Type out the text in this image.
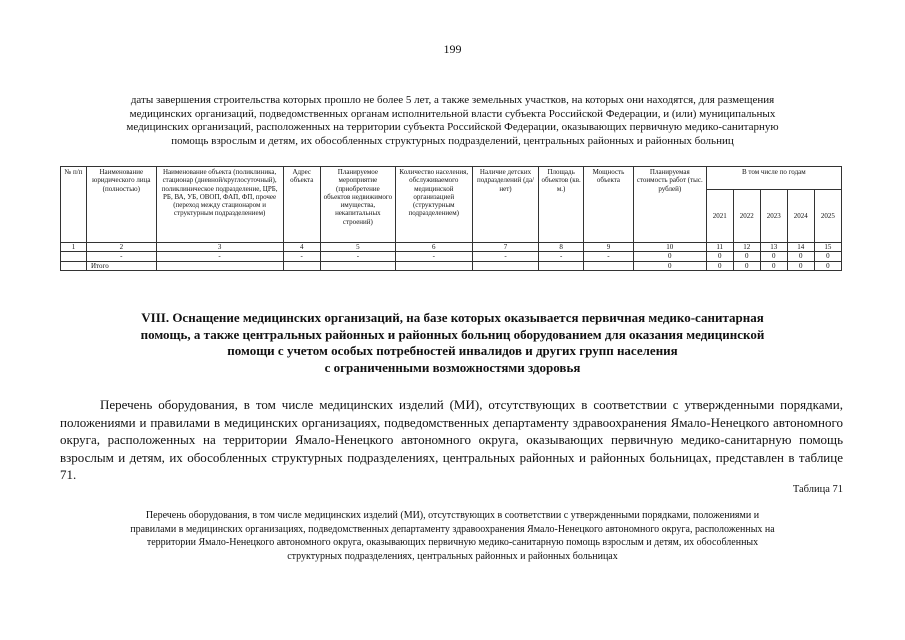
199
даты завершения строительства которых прошло не более 5 лет, а также земельных участков, на которых они находятся, для размещения
медицинских организаций, подведомственных органам исполнительной власти субъекта Российской Федерации, и (или) муниципальных
медицинских организаций, расположенных на территории субъекта Российской Федерации, оказывающих первичную медико-санитарную
помощь взрослым и детям, их обособленных структурных подразделений, центральных районных и районных больниц
№ п/п	Наименование юридического лица (полностью)	Наименование объекта (поликлиника, стационар (дневной/круглосуточный), поликлиническое подразделение, ЦРБ, РБ, ВА, УБ, ОВОП, ФАП, ФП, прочее (переход между стационаром и структурным подразделением)	Адрес объекта	Планируемое мероприятие (приобретение объектов недвижимого имущества, некапитальных строений)	Количество населения, обслуживаемого медицинской организацией (структурным подразделением)	Наличие детских подразделений (да/нет)	Площадь объектов (кв. м.)	Мощность объекта	Планируемая стоимость работ (тыс. рублей)	В том числе по годам				
										2021	2022	2023	2024	2025
1	2	3	4	5	6	7	8	9	10	11	12	13	14	15
	-	-	-	-	-	-	-	-	0	0	0	0	0	0
	Итого								0	0	0	0	0	0
VIII. Оснащение медицинских организаций, на базе которых оказывается первичная медико-санитарная
помощь, а также центральных районных и районных больниц оборудованием для оказания медицинской
помощи с учетом особых потребностей инвалидов и других групп населения
с ограниченными возможностями здоровья
Перечень оборудования, в том числе медицинских изделий (МИ), отсутствующих в соответствии с утвержденными порядками, положениями и правилами в медицинских организациях, подведомственных департаменту здравоохранения Ямало-Ненецкого автономного округа, расположенных на территории Ямало-Ненецкого автономного округа, оказывающих первичную медико-санитарную помощь взрослым и детям, их обособленных структурных подразделениях, центральных районных и районных больницах, представлен в таблице 71.
Таблица 71
Перечень оборудования, в том числе медицинских изделий (МИ), отсутствующих в соответствии с утвержденными порядками, положениями и
правилами в медицинских организациях, подведомственных департаменту здравоохранения Ямало-Ненецкого автономного округа, расположенных на
территории Ямало-Ненецкого автономного округа, оказывающих первичную медико-санитарную помощь взрослым и детям, их обособленных
структурных подразделениях, центральных районных и районных больницах
